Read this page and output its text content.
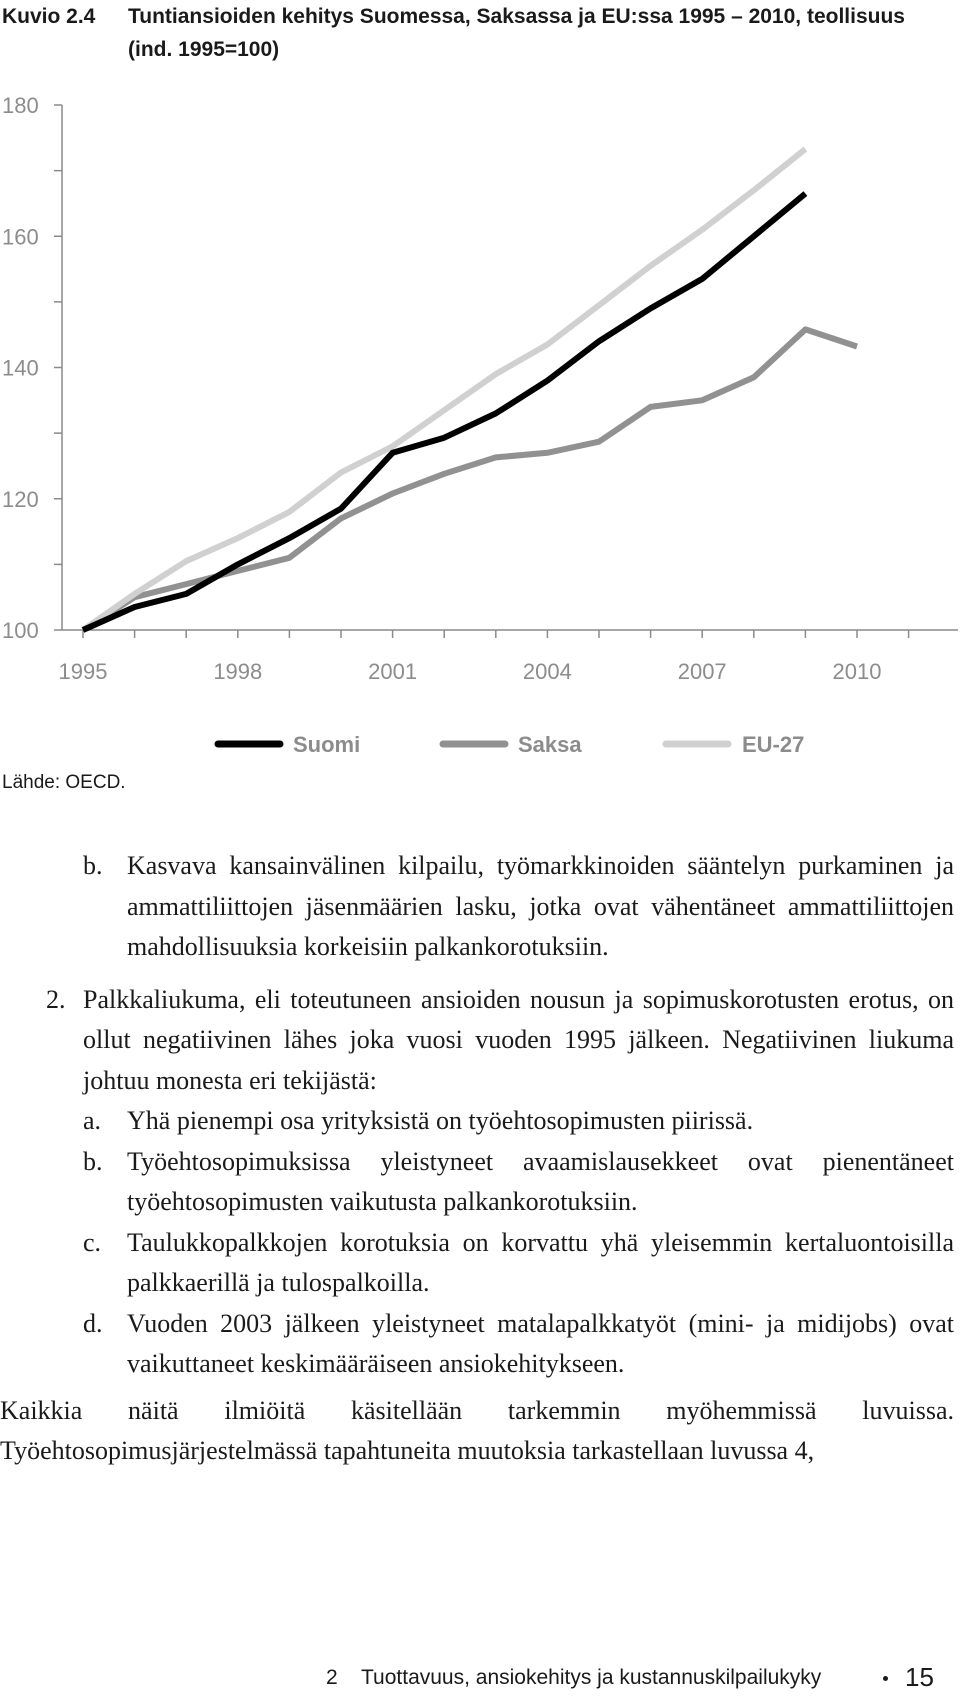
Kuvio 2.4 Tuntiansioiden kehitys Suomessa, Saksassa ja EU:ssa 1995 – 2010, teollisuus (ind. 1995=100)
100
120
140
160
180
1995	1998	2001	2004	2007	2010
Suomi	Saksa	EU-27
Lähde: OECD.
b. Kasvava kansainvälinen kilpailu, työmarkkinoiden sääntelyn purkaminen ja ammattiliittojen jäsenmäärien lasku, jotka ovat vähentäneet ammattiliittojen mahdollisuuksia korkeisiin palkankorotuksiin.
2. Palkkaliukuma, eli toteutuneen ansioiden nousun ja sopimuskorotusten erotus, on ollut negatiivinen lähes joka vuosi vuoden 1995 jälkeen. Negatiivinen liukuma johtuu monesta eri tekijästä:
a. Yhä pienempi osa yrityksistä on työehtosopimusten piirissä.
b. Työehtosopimuksissa yleistyneet avaamislausekkeet ovat pienentäneet työehtosopimusten vaikutusta palkankorotuksiin.
c. Taulukkopalkkojen korotuksia on korvattu yhä yleisemmin kertaluontoisilla palkkaerillä ja tulospalkoilla.
d. Vuoden 2003 jälkeen yleistyneet matalapalkkatyöt (mini- ja midijobs) ovat vaikuttaneet keskimääräiseen ansiokehitykseen.
Kaikkia näitä ilmiöitä käsitellään tarkemmin myöhemmissä luvuissa. Työehtosopimusjärjestelmässä tapahtuneita muutoksia tarkastellaan luvussa 4,
2 Tuottavuus, ansiokehitys ja kustannuskilpailukyky	15
